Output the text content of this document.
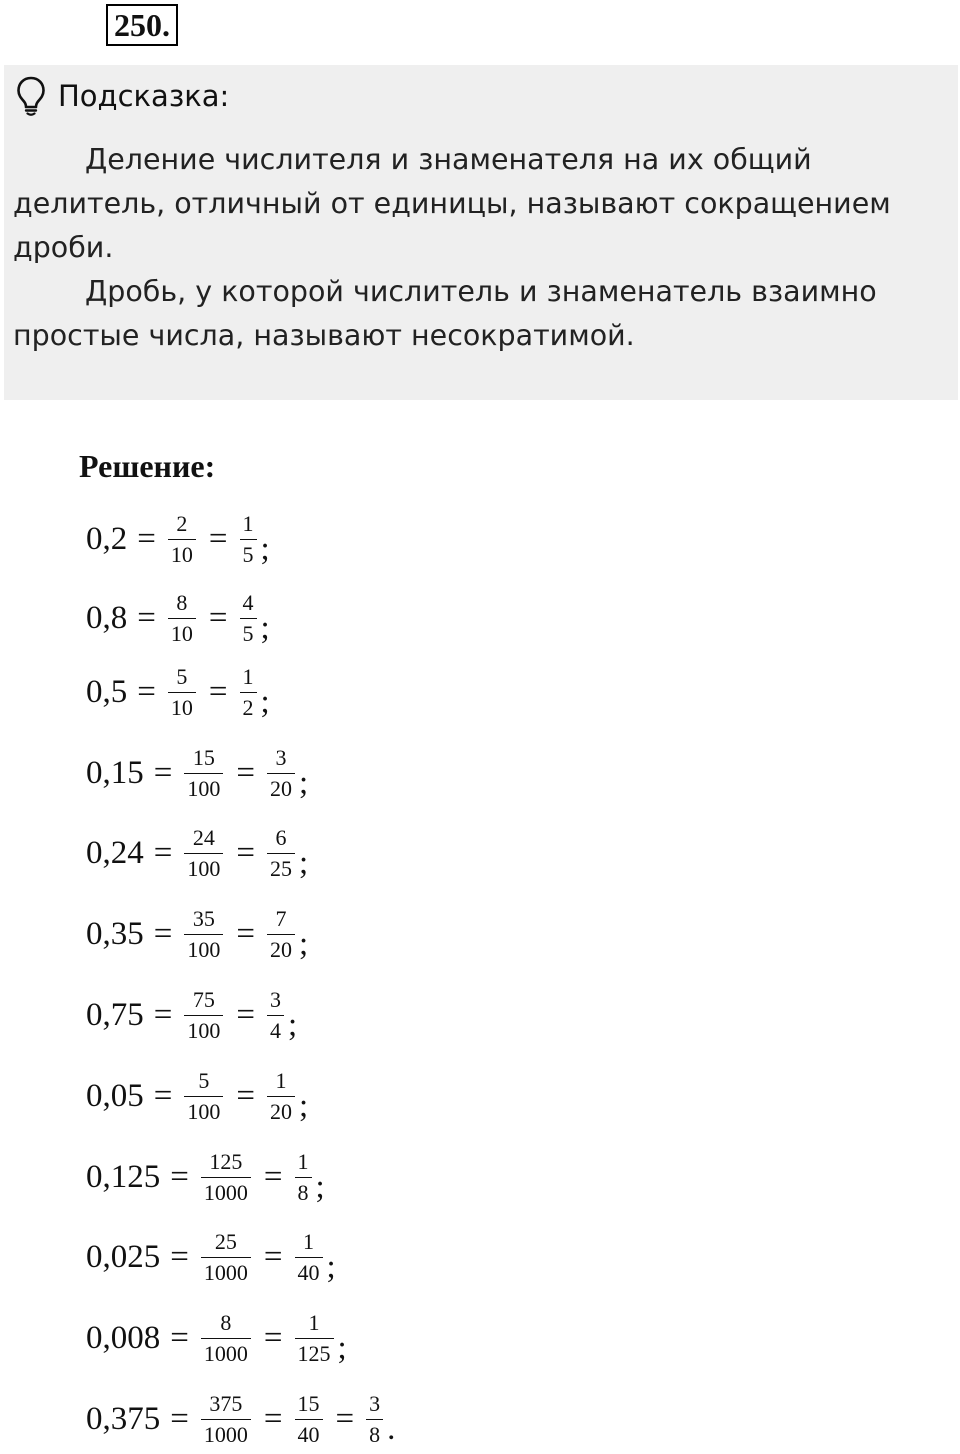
250.
Подсказка:

Деление числителя и знаменателя на их общий делитель, отличный от единицы, называют сокращением дроби.

Дробь, у которой числитель и знаменатель взаимно простые числа, называют несократимой.

Решение:
$0,2 = \frac{2}{10} = \frac{1}{5}$ ;
$0,8 = \frac{8}{10} = \frac{4}{5}$ ;
$0,5 = \frac{5}{10} = \frac{1}{2}$ ;
$0,15 = \frac{15}{100} = \frac{3}{20}$ ;
$0,24 = \frac{24}{100} = \frac{6}{25}$ ;
$0,35 = \frac{35}{100} = \frac{7}{20}$ ;
$0,75 = \frac{75}{100} = \frac{3}{4}$ ;
$0,05 = \frac{5}{100} = \frac{1}{20}$ ;
$0,125 = \frac{125}{1000} = \frac{1}{8}$ ;
$0,025 = \frac{25}{1000} = \frac{1}{40}$ ;
$0,008 = \frac{8}{1000} = \frac{1}{125}$ ;
$0,375 = \frac{375}{1000} = \frac{15}{40} = \frac{3}{8}$ .
